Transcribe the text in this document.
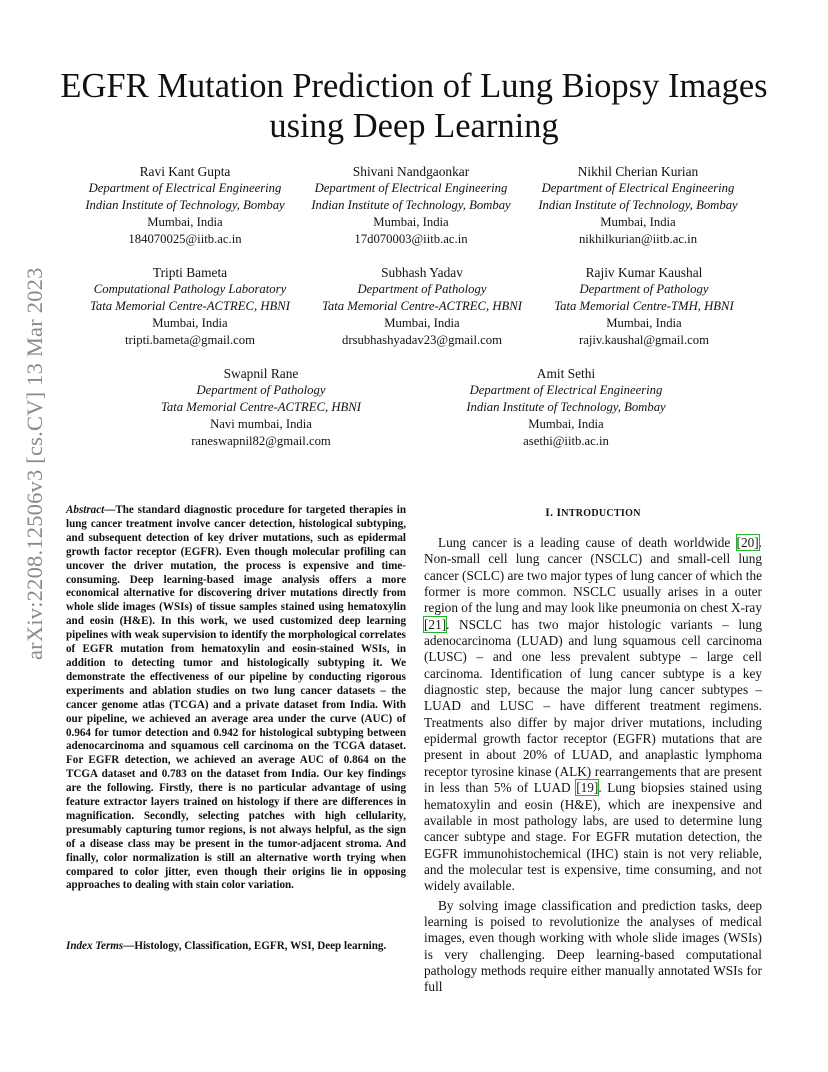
arXiv:2208.12506v3 [cs.CV] 13 Mar 2023
EGFR Mutation Prediction of Lung Biopsy Images
using Deep Learning
Ravi Kant Gupta
Department of Electrical Engineering
Indian Institute of Technology, Bombay
Mumbai, India
184070025@iitb.ac.in
Shivani Nandgaonkar
Department of Electrical Engineering
Indian Institute of Technology, Bombay
Mumbai, India
17d070003@iitb.ac.in
Nikhil Cherian Kurian
Department of Electrical Engineering
Indian Institute of Technology, Bombay
Mumbai, India
nikhilkurian@iitb.ac.in
Tripti Bameta
Computational Pathology Laboratory
Tata Memorial Centre-ACTREC, HBNI
Mumbai, India
tripti.bameta@gmail.com
Subhash Yadav
Department of Pathology
Tata Memorial Centre-ACTREC, HBNI
Mumbai, India
drsubhashyadav23@gmail.com
Rajiv Kumar Kaushal
Department of Pathology
Tata Memorial Centre-TMH, HBNI
Mumbai, India
rajiv.kaushal@gmail.com
Swapnil Rane
Department of Pathology
Tata Memorial Centre-ACTREC, HBNI
Navi mumbai, India
raneswapnil82@gmail.com
Amit Sethi
Department of Electrical Engineering
Indian Institute of Technology, Bombay
Mumbai, India
asethi@iitb.ac.in

Abstract—The standard diagnostic procedure for targeted therapies in lung cancer treatment involve cancer detection, histological subtyping, and subsequent detection of key driver mutations, such as epidermal growth factor receptor (EGFR). Even though molecular profiling can uncover the driver mutation, the process is expensive and time-consuming. Deep learning-based image analysis offers a more economical alternative for discovering driver mutations directly from whole slide images (WSIs) of tissue samples stained using hematoxylin and eosin (H&E). In this work, we used customized deep learning pipelines with weak supervision to identify the morphological correlates of EGFR mutation from hematoxylin and eosin-stained WSIs, in addition to detecting tumor and histologically subtyping it. We demonstrate the effectiveness of our pipeline by conducting rigorous experiments and ablation studies on two lung cancer datasets – the cancer genome atlas (TCGA) and a private dataset from India. With our pipeline, we achieved an average area under the curve (AUC) of 0.964 for tumor detection and 0.942 for histological subtyping between adenocarcinoma and squamous cell carcinoma on the TCGA dataset. For EGFR detection, we achieved an average AUC of 0.864 on the TCGA dataset and 0.783 on the dataset from India. Our key findings are the following. Firstly, there is no particular advantage of using feature extractor layers trained on histology if there are differences in magnification. Secondly, selecting patches with high cellularity, presumably capturing tumor regions, is not always helpful, as the sign of a disease class may be present in the tumor-adjacent stroma. And finally, color normalization is still an alternative worth trying when compared to color jitter, even though their origins lie in opposing approaches to dealing with stain color variation.

Index Terms—Histology, Classification, EGFR, WSI, Deep learning.

I. INTRODUCTION

Lung cancer is a leading cause of death worldwide [20]. Non-small cell lung cancer (NSCLC) and small-cell lung cancer (SCLC) are two major types of lung cancer of which the former is more common. NSCLC usually arises in a outer region of the lung and may look like pneumonia on chest X-ray [21]. NSCLC has two major histologic variants – lung adenocarcinoma (LUAD) and lung squamous cell carcinoma (LUSC) – and one less prevalent subtype – large cell carcinoma. Identification of lung cancer subtype is a key diagnostic step, because the major lung cancer subtypes – LUAD and LUSC – have different treatment regimens. Treatments also differ by major driver mutations, including epidermal growth factor receptor (EGFR) mutations that are present in about 20% of LUAD, and anaplastic lymphoma receptor tyrosine kinase (ALK) rearrangements that are present in less than 5% of LUAD [19]. Lung biopsies stained using hematoxylin and eosin (H&E), which are inexpensive and available in most pathology labs, are used to determine lung cancer subtype and stage. For EGFR mutation detection, the EGFR immunohistochemical (IHC) stain is not very reliable, and the molecular test is expensive, time consuming, and not widely available.

By solving image classification and prediction tasks, deep learning is poised to revolutionize the analyses of medical images, even though working with whole slide images (WSIs) is very challenging. Deep learning-based computational pathology methods require either manually annotated WSIs for full
